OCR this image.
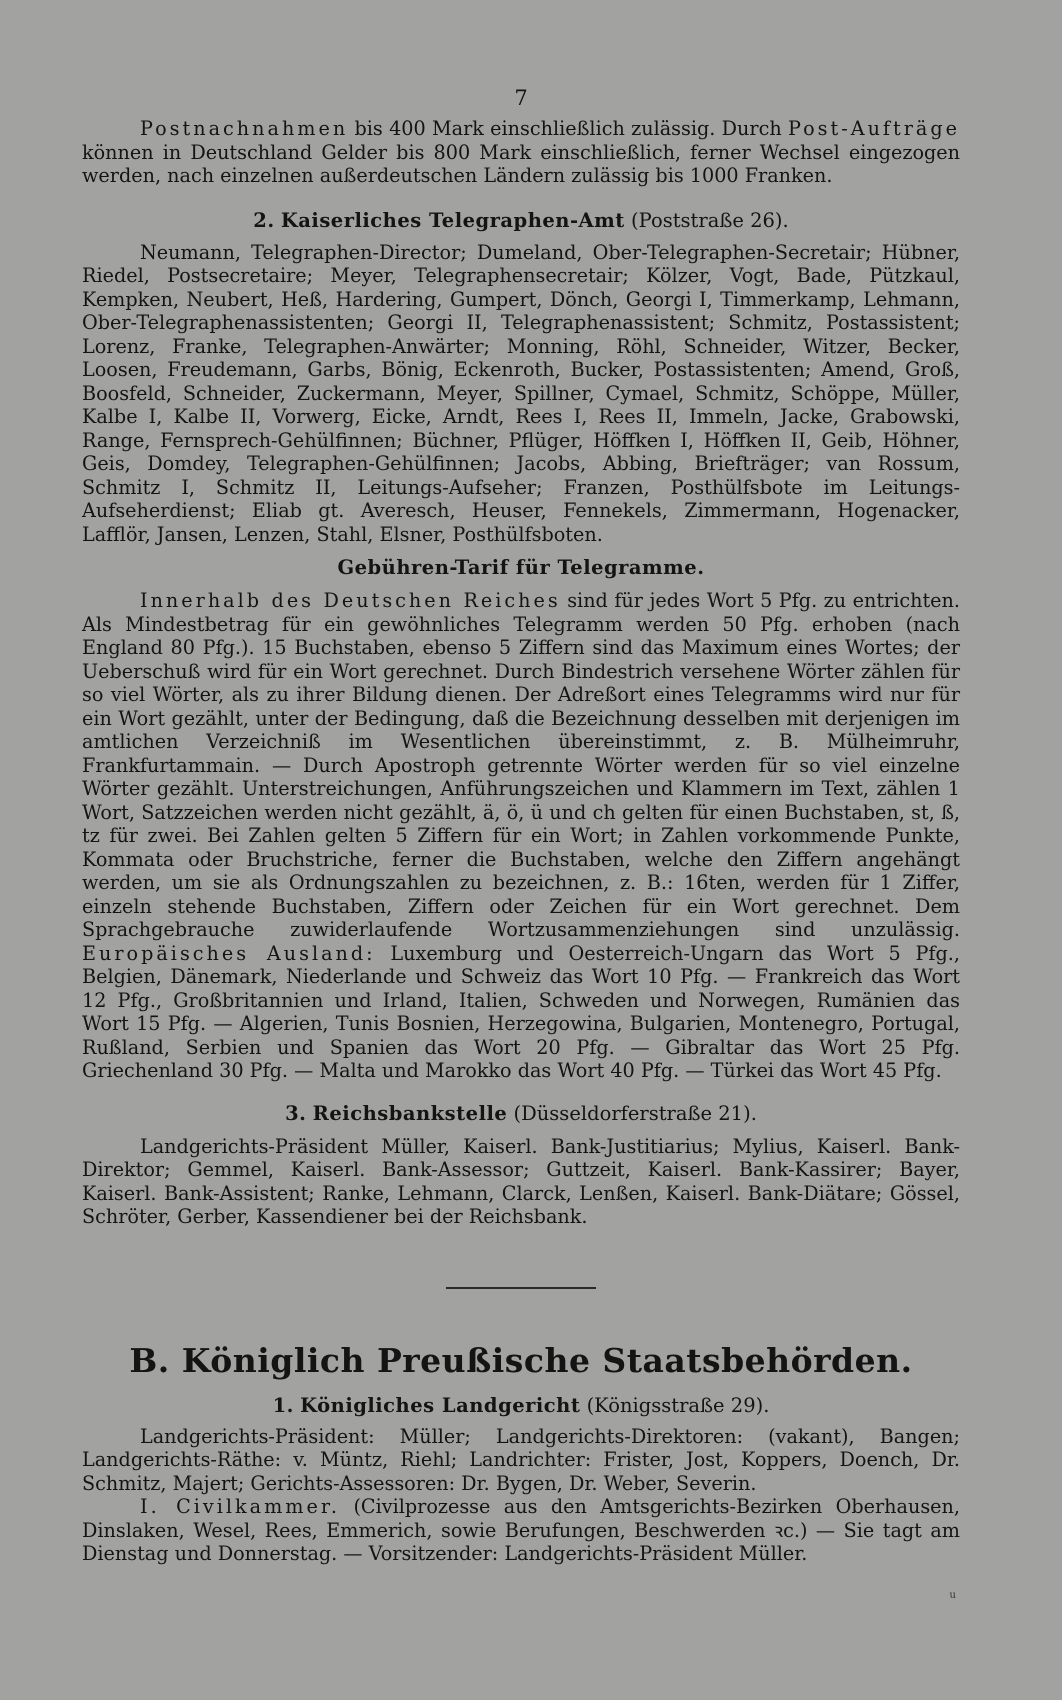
7

Postnachnahmen bis 400 Mark einschließlich zulässig. Durch Post-Aufträge können in Deutschland Gelder bis 800 Mark einschließlich, ferner Wechsel eingezogen werden, nach einzelnen außerdeutschen Ländern zulässig bis 1000 Franken.

2. Kaiserliches Telegraphen-Amt (Poststraße 26).

Neumann, Telegraphen-Director; Dumeland, Ober-Telegraphen-Secretair; Hübner, Riedel, Postsecretaire; Meyer, Telegraphensecretair; Kölzer, Vogt, Bade, Pützkaul, Kempken, Neubert, Heß, Hardering, Gumpert, Dönch, Georgi I, Timmerkamp, Lehmann, Ober-Telegraphenassistenten; Georgi II, Telegraphenassistent; Schmitz, Postassistent; Lorenz, Franke, Telegraphen-Anwärter; Monning, Röhl, Schneider, Witzer, Becker, Loosen, Freudemann, Garbs, Bönig, Eckenroth, Bucker, Postassistenten; Amend, Groß, Boosfeld, Schneider, Zuckermann, Meyer, Spillner, Cymael, Schmitz, Schöppe, Müller, Kalbe I, Kalbe II, Vorwerg, Eicke, Arndt, Rees I, Rees II, Immeln, Jacke, Grabowski, Range, Fernsprech-Gehülfinnen; Büchner, Pflüger, Höffken I, Höffken II, Geib, Höhner, Geis, Domdey, Telegraphen-Gehülfinnen; Jacobs, Abbing, Briefträger; van Rossum, Schmitz I, Schmitz II, Leitungs-Aufseher; Franzen, Posthülfsbote im Leitungs-Aufseherdienst; Eliab gt. Averesch, Heuser, Fennekels, Zimmermann, Hogenacker, Lafflör, Jansen, Lenzen, Stahl, Elsner, Posthülfsboten.

Gebühren-Tarif für Telegramme.

Innerhalb des Deutschen Reiches sind für jedes Wort 5 Pfg. zu entrichten. Als Mindestbetrag für ein gewöhnliches Telegramm werden 50 Pfg. erhoben (nach England 80 Pfg.). 15 Buchstaben, ebenso 5 Ziffern sind das Maximum eines Wortes; der Ueberschuß wird für ein Wort gerechnet. Durch Bindestrich versehene Wörter zählen für so viel Wörter, als zu ihrer Bildung dienen. Der Adreßort eines Telegramms wird nur für ein Wort gezählt, unter der Bedingung, daß die Bezeichnung desselben mit derjenigen im amtlichen Verzeichniß im Wesentlichen übereinstimmt, z. B. Mülheimruhr, Frankfurtammain. — Durch Apostroph getrennte Wörter werden für so viel einzelne Wörter gezählt. Unterstreichungen, Anführungszeichen und Klammern im Text, zählen 1 Wort, Satzzeichen werden nicht gezählt, ä, ö, ü und ch gelten für einen Buchstaben, st, ß, tz für zwei. Bei Zahlen gelten 5 Ziffern für ein Wort; in Zahlen vorkommende Punkte, Kommata oder Bruchstriche, ferner die Buchstaben, welche den Ziffern angehängt werden, um sie als Ordnungszahlen zu bezeichnen, z. B.: 16ten, werden für 1 Ziffer, einzeln stehende Buchstaben, Ziffern oder Zeichen für ein Wort gerechnet. Dem Sprachgebrauche zuwiderlaufende Wortzusammenziehungen sind unzulässig. Europäisches Ausland: Luxemburg und Oesterreich-Ungarn das Wort 5 Pfg., Belgien, Dänemark, Niederlande und Schweiz das Wort 10 Pfg. — Frankreich das Wort 12 Pfg., Großbritannien und Irland, Italien, Schweden und Norwegen, Rumänien das Wort 15 Pfg. — Algerien, Tunis Bosnien, Herzegowina, Bulgarien, Montenegro, Portugal, Rußland, Serbien und Spanien das Wort 20 Pfg. — Gibraltar das Wort 25 Pfg. Griechenland 30 Pfg. — Malta und Marokko das Wort 40 Pfg. — Türkei das Wort 45 Pfg.

3. Reichsbankstelle (Düsseldorferstraße 21).

Landgerichts-Präsident Müller, Kaiserl. Bank-Justitiarius; Mylius, Kaiserl. Bank-Direktor; Gemmel, Kaiserl. Bank-Assessor; Guttzeit, Kaiserl. Bank-Kassirer; Bayer, Kaiserl. Bank-Assistent; Ranke, Lehmann, Clarck, Lenßen, Kaiserl. Bank-Diätare; Gössel, Schröter, Gerber, Kassendiener bei der Reichsbank.

B. Königlich Preußische Staatsbehörden.
1. Königliches Landgericht (Königsstraße 29).

Landgerichts-Präsident: Müller; Landgerichts-Direktoren: (vakant), Bangen; Landgerichts-Räthe: v. Müntz, Riehl; Landrichter: Frister, Jost, Koppers, Doench, Dr. Schmitz, Majert; Gerichts-Assessoren: Dr. Bygen, Dr. Weber, Severin.

I. Civilkammer. (Civilprozesse aus den Amtsgerichts-Bezirken Oberhausen, Dinslaken, Wesel, Rees, Emmerich, sowie Berufungen, Beschwerden ꝛc.) — Sie tagt am Dienstag und Donnerstag. — Vorsitzender: Landgerichts-Präsident Müller.

u
